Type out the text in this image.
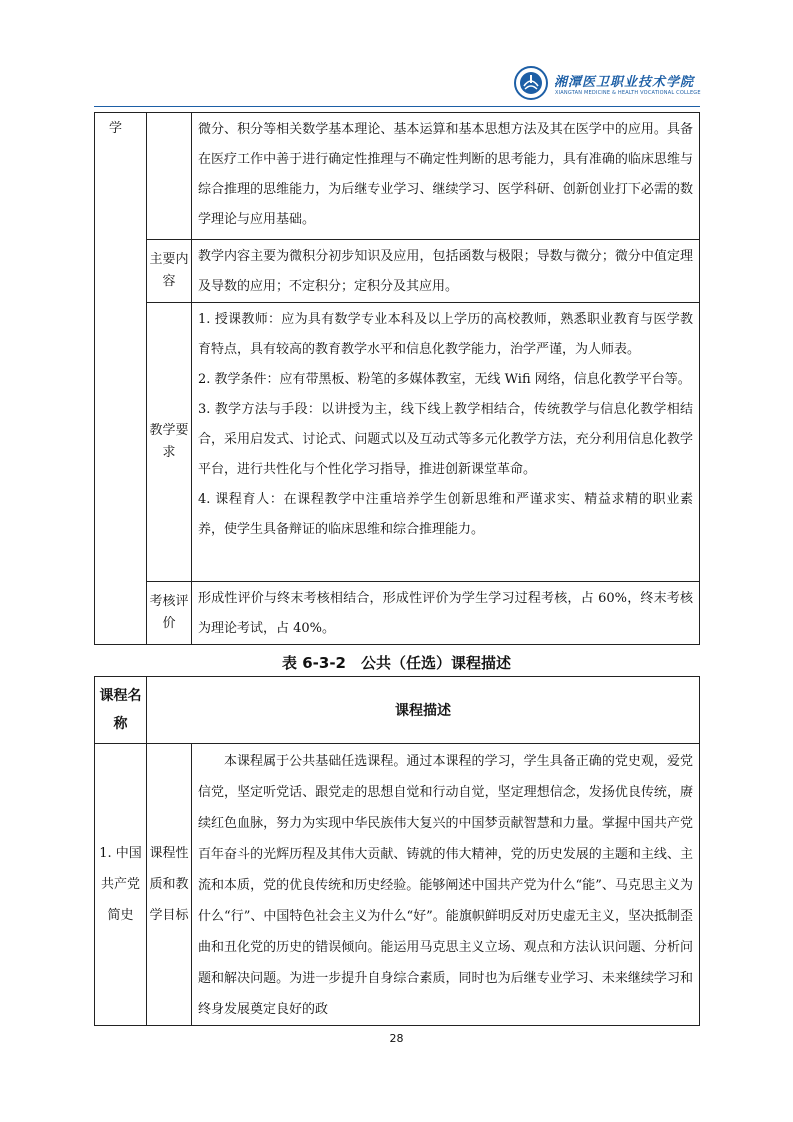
湘潭医卫职业技术学院
XIANGTAN MEDICINE & HEALTH VOCATIONAL COLLEGE
学		微分、积分等相关数学基本理论、基本运算和基本思想方法及其在医学中的应用。具备在医疗工作中善于进行确定性推理与不确定性判断的思考能力，具有准确的临床思维与综合推理的思维能力，为后继专业学习、继续学习、医学科研、创新创业打下必需的数学理论与应用基础。
	主要内容	教学内容主要为微积分初步知识及应用，包括函数与极限；导数与微分；微分中值定理及导数的应用；不定积分；定积分及其应用。
	教学要求	1. 授课教师：应为具有数学专业本科及以上学历的高校教师，熟悉职业教育与医学教育特点，具有较高的教育教学水平和信息化教学能力，治学严谨，为人师表。
2. 教学条件：应有带黑板、粉笔的多媒体教室，无线 Wifi 网络，信息化教学平台等。
3. 教学方法与手段：以讲授为主，线下线上教学相结合，传统教学与信息化教学相结合，采用启发式、讨论式、问题式以及互动式等多元化教学方法，充分利用信息化教学平台，进行共性化与个性化学习指导，推进创新课堂革命。
4. 课程育人：在课程教学中注重培养学生创新思维和严谨求实、精益求精的职业素养，使学生具备辩证的临床思维和综合推理能力。

	考核评价	形成性评价与终末考核相结合，形成性评价为学生学习过程考核，占 60%，终末考核为理论考试，占 40%。
表 6-3-2　公共（任选）课程描述
课程名称	课程描述	
1. 中国共产党简史	课程性质和教学目标	本课程属于公共基础任选课程。通过本课程的学习，学生具备正确的党史观，爱党信党，坚定听党话、跟党走的思想自觉和行动自觉，坚定理想信念，发扬优良传统，赓续红色血脉，努力为实现中华民族伟大复兴的中国梦贡献智慧和力量。掌握中国共产党百年奋斗的光辉历程及其伟大贡献、铸就的伟大精神，党的历史发展的主题和主线、主流和本质，党的优良传统和历史经验。能够阐述中国共产党为什么“能”、马克思主义为什么“行”、中国特色社会主义为什么“好”。能旗帜鲜明反对历史虚无主义，坚决抵制歪曲和丑化党的历史的错误倾向。能运用马克思主义立场、观点和方法认识问题、分析问题和解决问题。为进一步提升自身综合素质，同时也为后继专业学习、未来继续学习和终身发展奠定良好的政
28
